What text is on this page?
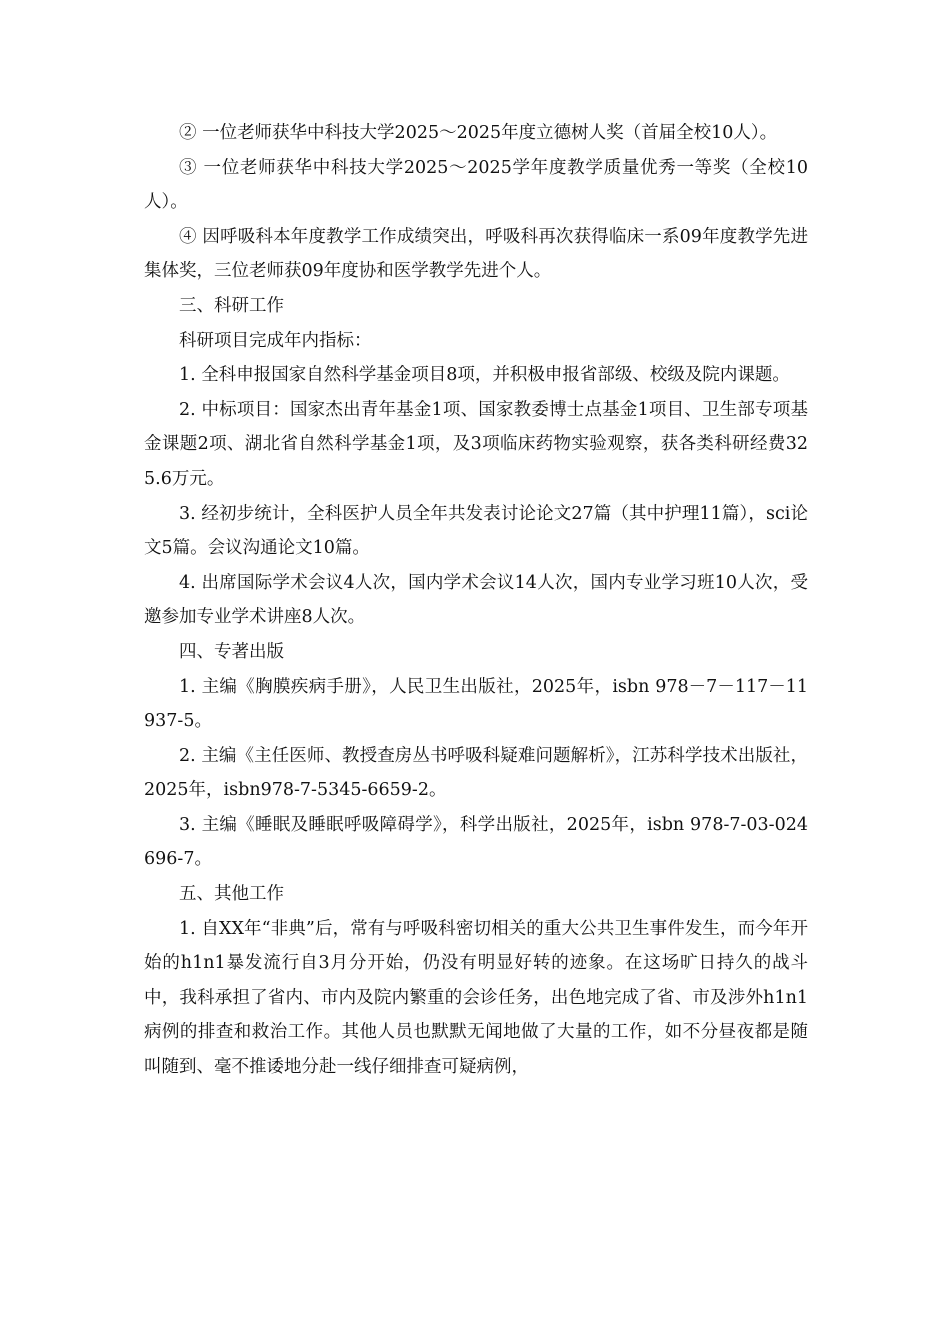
② 一位老师获华中科技大学2025～2025年度立德树人奖（首届全校10人）。

③ 一位老师获华中科技大学2025～2025学年度教学质量优秀一等奖（全校10人）。

④ 因呼吸科本年度教学工作成绩突出，呼吸科再次获得临床一系09年度教学先进集体奖，三位老师获09年度协和医学教学先进个人。

三、科研工作

科研项目完成年内指标：

1. 全科申报国家自然科学基金项目8项，并积极申报省部级、校级及院内课题。

2. 中标项目：国家杰出青年基金1项、国家教委博士点基金1项目、卫生部专项基金课题2项、湖北省自然科学基金1项，及3项临床药物实验观察，获各类科研经费325.6万元。

3. 经初步统计，全科医护人员全年共发表讨论论文27篇（其中护理11篇），sci论文5篇。会议沟通论文10篇。

4. 出席国际学术会议4人次，国内学术会议14人次，国内专业学习班10人次，受邀参加专业学术讲座8人次。

四、专著出版

1. 主编《胸膜疾病手册》，人民卫生出版社，2025年，isbn 978－7－117－11937-5。

2. 主编《主任医师、教授查房丛书呼吸科疑难问题解析》，江苏科学技术出版社，2025年，isbn978-7-5345-6659-2。

3. 主编《睡眠及睡眠呼吸障碍学》，科学出版社，2025年，isbn 978-7-03-024696-7。

五、其他工作

1. 自XX年“非典”后，常有与呼吸科密切相关的重大公共卫生事件发生，而今年开始的h1n1暴发流行自3月分开始，仍没有明显好转的迹象。在这场旷日持久的战斗中，我科承担了省内、市内及院内繁重的会诊任务，出色地完成了省、市及涉外h1n1病例的排查和救治工作。其他人员也默默无闻地做了大量的工作，如不分昼夜都是随叫随到、毫不推诿地分赴一线仔细排查可疑病例，
